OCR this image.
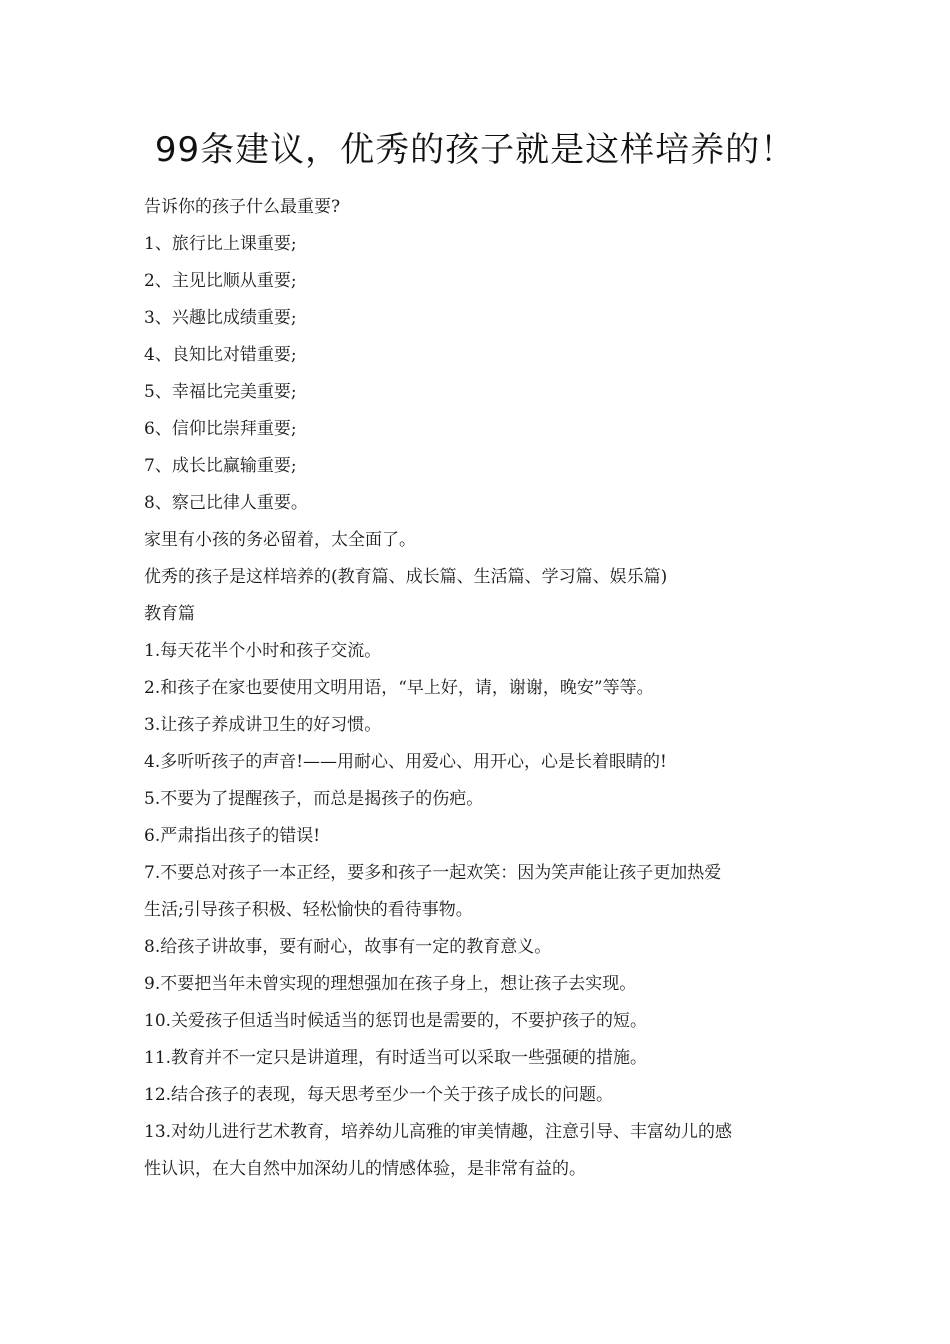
99条建议，优秀的孩子就是这样培养的！
告诉你的孩子什么最重要?
1、旅行比上课重要;
2、主见比顺从重要;
3、兴趣比成绩重要;
4、良知比对错重要;
5、幸福比完美重要;
6、信仰比崇拜重要;
7、成长比赢输重要;
8、察己比律人重要。
家里有小孩的务必留着，太全面了。
优秀的孩子是这样培养的(教育篇、成长篇、生活篇、学习篇、娱乐篇)
教育篇
1.每天花半个小时和孩子交流。
2.和孩子在家也要使用文明用语，“早上好，请，谢谢，晚安”等等。
3.让孩子养成讲卫生的好习惯。
4.多听听孩子的声音!——用耐心、用爱心、用开心，心是长着眼睛的!
5.不要为了提醒孩子，而总是揭孩子的伤疤。
6.严肃指出孩子的错误!
7.不要总对孩子一本正经，要多和孩子一起欢笑：因为笑声能让孩子更加热爱
生活;引导孩子积极、轻松愉快的看待事物。
8.给孩子讲故事，要有耐心，故事有一定的教育意义。
9.不要把当年未曾实现的理想强加在孩子身上，想让孩子去实现。
10.关爱孩子但适当时候适当的惩罚也是需要的，不要护孩子的短。
11.教育并不一定只是讲道理，有时适当可以采取一些强硬的措施。
12.结合孩子的表现，每天思考至少一个关于孩子成长的问题。
13.对幼儿进行艺术教育，培养幼儿高雅的审美情趣，注意引导、丰富幼儿的感
性认识，在大自然中加深幼儿的情感体验，是非常有益的。
